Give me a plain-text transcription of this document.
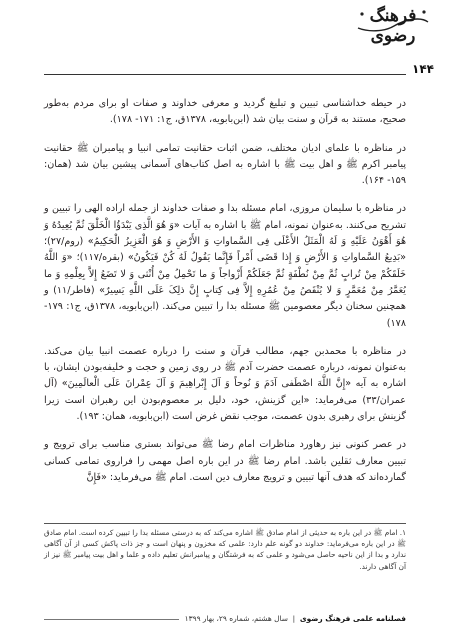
فرهنگ رضوی
۱۴۴

در حیطه خداشناسی تبیین و تبلیغ گردید و معرفی خداوند و صفات او برای مردم به‌طور صحیح، مستند به قرآن و سنت بیان شد (ابن‌بابویه، ۱۳۷۸ق، ج۱: ۱۷۱- ۱۷۸).

در مناظره با علمای ادیان مختلف، ضمن اثبات حقانیت تمامی انبیا و پیامبران ﷺ حقانیت پیامبر اکرم ﷺ و اهل بیت ﷺ با اشاره به اصل کتاب‌های آسمانی پیشین بیان شد (همان: ۱۵۹- ۱۶۴).

در مناظره با سلیمان مروزی، امام مسئله بدا و صفات خداوند از جمله اراده الهی را تبیین و تشریح می‌کنند. به‌عنوان نمونه، امام ﷺ با اشاره به آیات «وَ هُوَ الَّذِی یَبْدَؤُا الْخَلْقَ ثُمَّ یُعِیدُهُ وَ هُوَ أَهْوَنُ عَلَیْهِ وَ لَهُ الْمَثَلُ الأَعْلَى فِی السَّماواتِ وَ الأَرْضِ وَ هُوَ الْعَزِیزُ الْحَکِیمُ» (روم/۲۷)؛ «بَدِیعُ السَّماواتِ وَ الأَرْضِ وَ إِذا قَضَى أَمْراً فَإِنَّما یَقُولُ لَهُ کُنْ فَیَکُونُ» (بقره/۱۱۷)؛ «وَ اللَّهُ خَلَقَکُمْ مِنْ تُرابٍ ثُمَّ مِنْ نُطْفَةٍ ثُمَّ جَعَلَکُمْ أَزْواجاً وَ ما تَحْمِلُ مِنْ أُنْثى وَ لا تَضَعُ إِلاَّ بِعِلْمِهِ وَ ما یُعَمَّرُ مِنْ مُعَمَّرٍ وَ لا یُنْقَصُ مِنْ عُمُرِهِ إِلاَّ فِی کِتابٍ إِنَّ ذلِکَ عَلَى اللَّهِ یَسِیرٌ» (فاطر/۱۱) و همچنین سخنان دیگر معصومین ﷺ مسئله بدا را تبیین می‌کند. (ابن‌بابویه، ۱۳۷۸ق، ج۱: ۱۷۹- ۱۷۸)

در مناظره با محمدبن جهم، مطالب قرآن و سنت را درباره عصمت انبیا بیان می‌کند. به‌عنوان نمونه، درباره عصمت حضرت آدم ﷺ در روی زمین و حجت و خلیفه‌بودن ایشان، با اشاره به آیه «إِنَّ اللَّهَ اصْطَفى آدَمَ وَ نُوحاً وَ آلَ إِبْراهِیمَ وَ آلَ عِمْرانَ عَلَى الْعالَمِینَ» (آل عمران/۳۳) می‌فرماید: «این گزینش، خود، دلیل بر معصوم‌بودن این رهبران است زیرا گزینش برای رهبری بدون عصمت، موجب نقض غرض است (ابن‌بابویه، همان: ۱۹۳).

در عصر کنونی نیز رهاورد مناظرات امام رضا ﷺ می‌تواند بستری مناسب برای ترویج و تبیین معارف ثقلین باشد. امام رضا ﷺ در این باره اصل مهمی را فراروی تمامی کسانی گمارده‌اند که هدف آنها تبیین و ترویج معارف دین است. امام ﷺ می‌فرماید: «فَإِنَّ

۱. امام ﷺ در این باره به حدیثی از امام صادق ﷺ اشاره می‌کند که به درستی مسئله بدا را تبیین کرده است. امام صادق ﷺ در این باره می‌فرماید: خداوند دو گونه علم دارد: علمی که مخزون و پنهان است و جز ذات پاکش کسی از آن آگاهی ندارد و بدا از این ناحیه حاصل می‌شود و علمی که به فرشتگان و پیامبرانش تعلیم داده و علما و اهل بیت پیامبر ﷺ نیز از آن آگاهی دارند.

فصلنامه علمی فرهنگ رضوی  |  سال هشتم، شماره ۲۹، بهار ۱۳۹۹
